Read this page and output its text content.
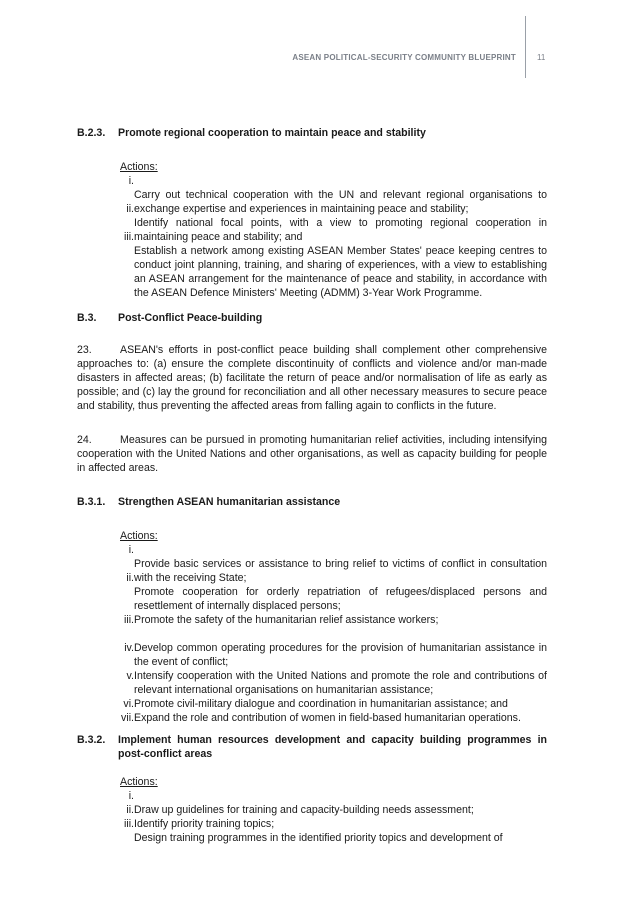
ASEAN POLITICAL-SECURITY COMMUNITY BLUEPRINT	11
B.2.3.	Promote regional cooperation to maintain peace and stability
Actions:
i.
Carry out technical cooperation with the UN and relevant regional organisations to exchange expertise and experiences in maintaining peace and stability;
ii.
Identify national focal points, with a view to promoting regional cooperation in maintaining peace and stability; and
iii.
Establish a network among existing ASEAN Member States' peace keeping centres to conduct joint planning, training, and sharing of experiences, with a view to establishing an ASEAN arrangement for the maintenance of peace and stability, in accordance with the ASEAN Defence Ministers' Meeting (ADMM) 3-Year Work Programme.
B.3.	Post-Conflict Peace-building
23.	ASEAN's efforts in post-conflict peace building shall complement other comprehensive approaches to: (a) ensure the complete discontinuity of conflicts and violence and/or man-made disasters in affected areas; (b) facilitate the return of peace and/or normalisation of life as early as possible; and (c) lay the ground for reconciliation and all other necessary measures to secure peace and stability, thus preventing the affected areas from falling again to conflicts in the future.
24.	Measures can be pursued in promoting humanitarian relief activities, including intensifying cooperation with the United Nations and other organisations, as well as capacity building for people in affected areas.
B.3.1.	Strengthen ASEAN humanitarian assistance
Actions:
i.
Provide basic services or assistance to bring relief to victims of conflict in consultation with the receiving State;
ii.
Promote cooperation for orderly repatriation of refugees/displaced persons and resettlement of internally displaced persons;
iii. Promote the safety of the humanitarian relief assistance workers;
iv. Develop common operating procedures for the provision of humanitarian assistance in the event of conflict;
v. Intensify cooperation with the United Nations and promote the role and contributions of relevant international organisations on humanitarian assistance;
vi. Promote civil-military dialogue and coordination in humanitarian assistance; and
vii. Expand the role and contribution of women in field-based humanitarian operations.
B.3.2.	Implement human resources development and capacity building programmes in post-conflict areas
Actions:
i.
Draw up guidelines for training and capacity-building needs assessment;
ii.
Identify priority training topics;
iii.
Design training programmes in the identified priority topics and development of
